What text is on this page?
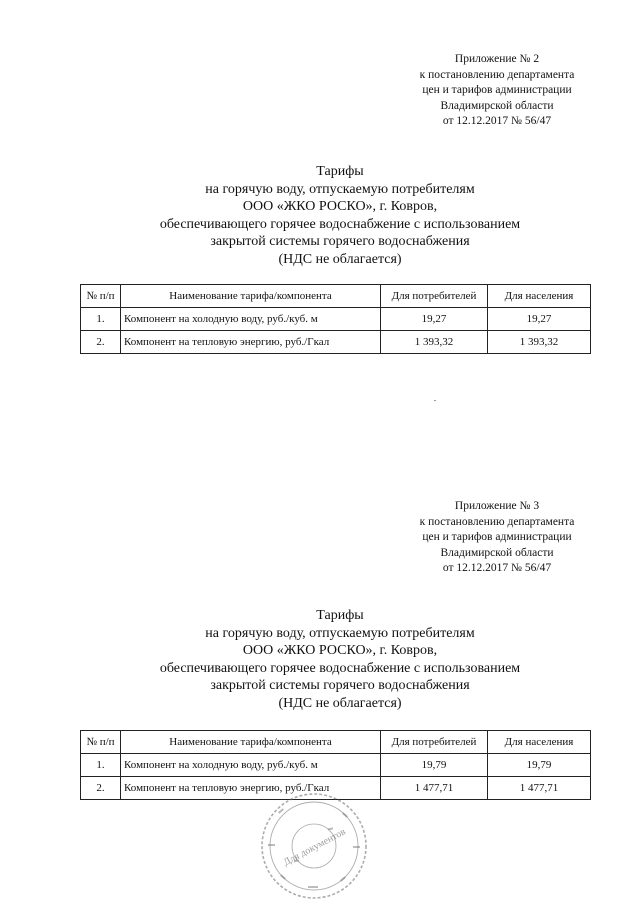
Приложение № 2
к постановлению департамента
цен и тарифов администрации
Владимирской области
от 12.12.2017 № 56/47
Тарифы
на горячую воду, отпускаемую потребителям
ООО «ЖКО РОСКО», г. Ковров,
обеспечивающего горячее водоснабжение с использованием
закрытой системы горячего водоснабжения
(НДС не облагается)
№ п/п	Наименование тарифа/компонента	Для потребителей	Для населения
1.	Компонент на холодную воду, руб./куб. м	19,27	19,27
2.	Компонент на тепловую энергию, руб./Гкал	1 393,32	1 393,32
Приложение № 3
к постановлению департамента
цен и тарифов администрации
Владимирской области
от 12.12.2017 № 56/47
Тарифы
на горячую воду, отпускаемую потребителям
ООО «ЖКО РОСКО», г. Ковров,
обеспечивающего горячее водоснабжение с использованием
закрытой системы горячего водоснабжения
(НДС не облагается)
№ п/п	Наименование тарифа/компонента	Для потребителей	Для населения
1.	Компонент на холодную воду, руб./куб. м	19,79	19,79
2.	Компонент на тепловую энергию, руб./Гкал	1 477,71	1 477,71
Для документов
